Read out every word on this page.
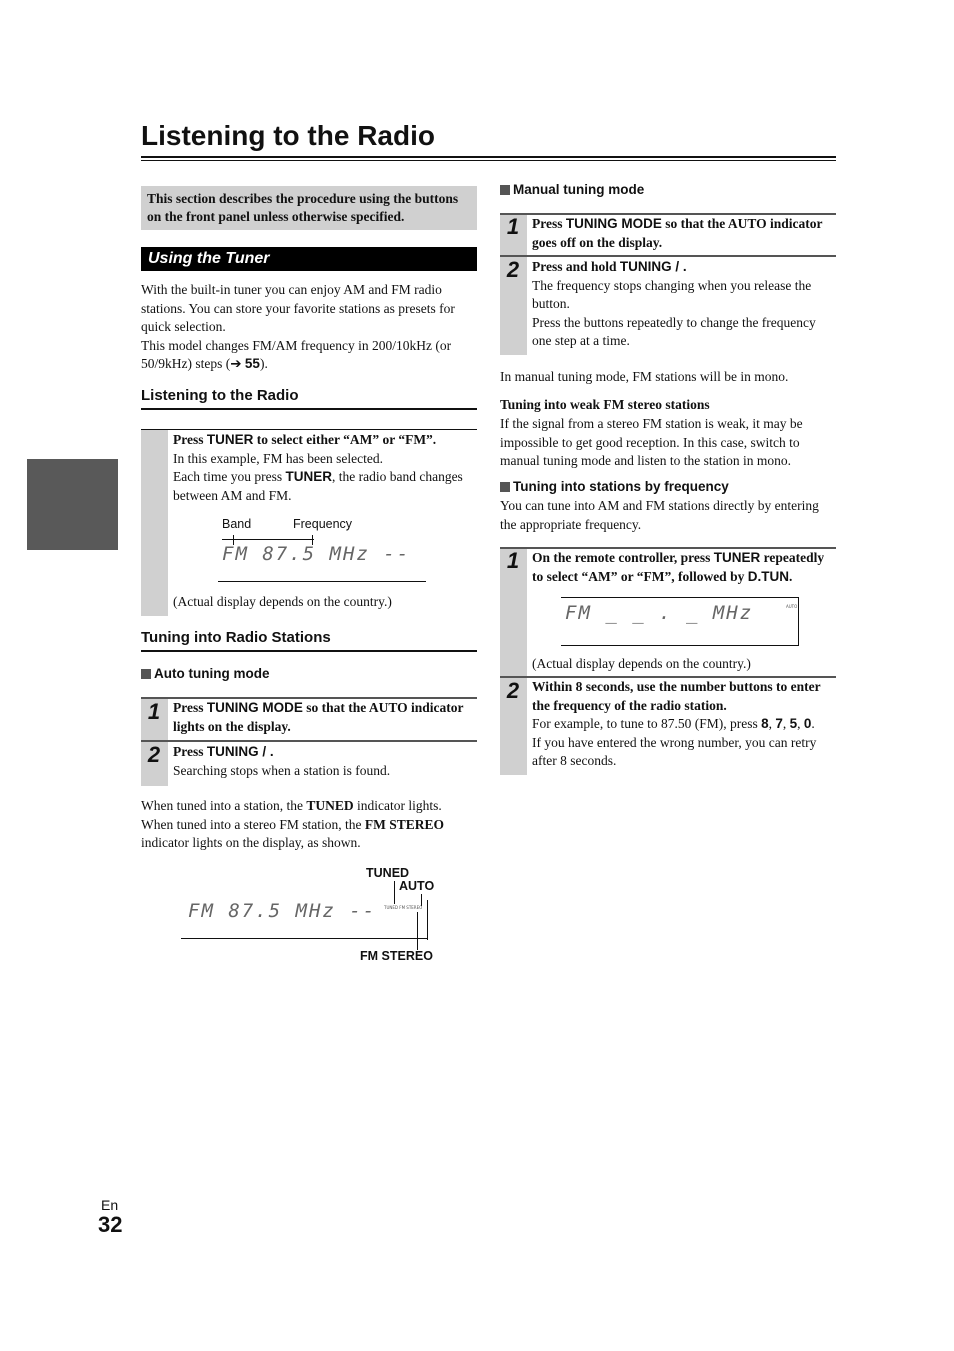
Listening to the Radio
This section describes the procedure using the buttons on the front panel unless otherwise specified.
Using the Tuner
With the built-in tuner you can enjoy AM and FM radio stations. You can store your favorite stations as presets for quick selection.
This model changes FM/AM frequency in 200/10kHz (or 50/9kHz) steps (➔ 55).
Listening to the Radio
Press TUNER to select either “AM” or “FM”.
In this example, FM has been selected.
Each time you press TUNER, the radio band changes between AM and FM.
Band	Frequency
FM 87.5 MHz --
(Actual display depends on the country.)
Tuning into Radio Stations
Auto tuning mode
1 Press TUNING MODE so that the AUTO indicator lights on the display.
2 Press TUNING / .
Searching stops when a station is found.
When tuned into a station, the TUNED indicator lights.
When tuned into a stereo FM station, the FM STEREO indicator lights on the display, as shown.
TUNED
AUTO
FM 87.5 MHz -- TUNED FM STEREO
FM STEREO
Manual tuning mode
1 Press TUNING MODE so that the AUTO indicator goes off on the display.
2 Press and hold TUNING / .
The frequency stops changing when you release the button.
Press the buttons repeatedly to change the frequency one step at a time.
In manual tuning mode, FM stations will be in mono.
Tuning into weak FM stereo stations
If the signal from a stereo FM station is weak, it may be impossible to get good reception. In this case, switch to manual tuning mode and listen to the station in mono.
Tuning into stations by frequency
You can tune into AM and FM stations directly by entering the appropriate frequency.
1 On the remote controller, press TUNER repeatedly to select “AM” or “FM”, followed by D.TUN.
FM _ _ . _ MHz	AUTO
(Actual display depends on the country.)
2 Within 8 seconds, use the number buttons to enter the frequency of the radio station.
For example, to tune to 87.50 (FM), press 8, 7, 5, 0.
If you have entered the wrong number, you can retry after 8 seconds.
En
32
